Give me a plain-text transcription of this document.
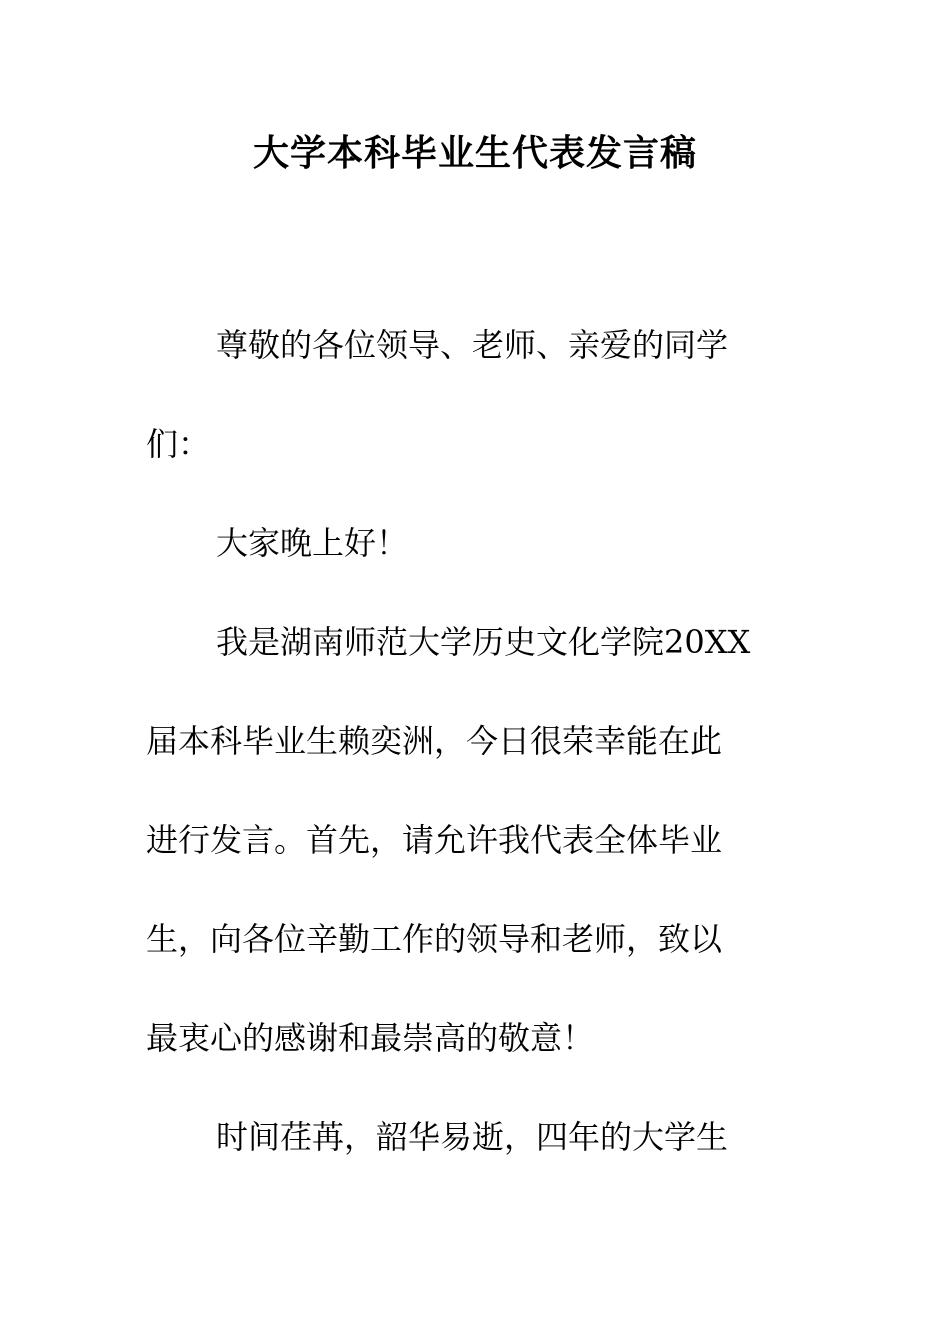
大学本科毕业生代表发言稿
尊敬的各位领导、老师、亲爱的同学
们：
大家晚上好！
我是湖南师范大学历史文化学院20XX
届本科毕业生赖奕洲，今日很荣幸能在此
进行发言。首先，请允许我代表全体毕业
生，向各位辛勤工作的领导和老师，致以
最衷心的感谢和最崇高的敬意！
时间荏苒，韶华易逝，四年的大学生
